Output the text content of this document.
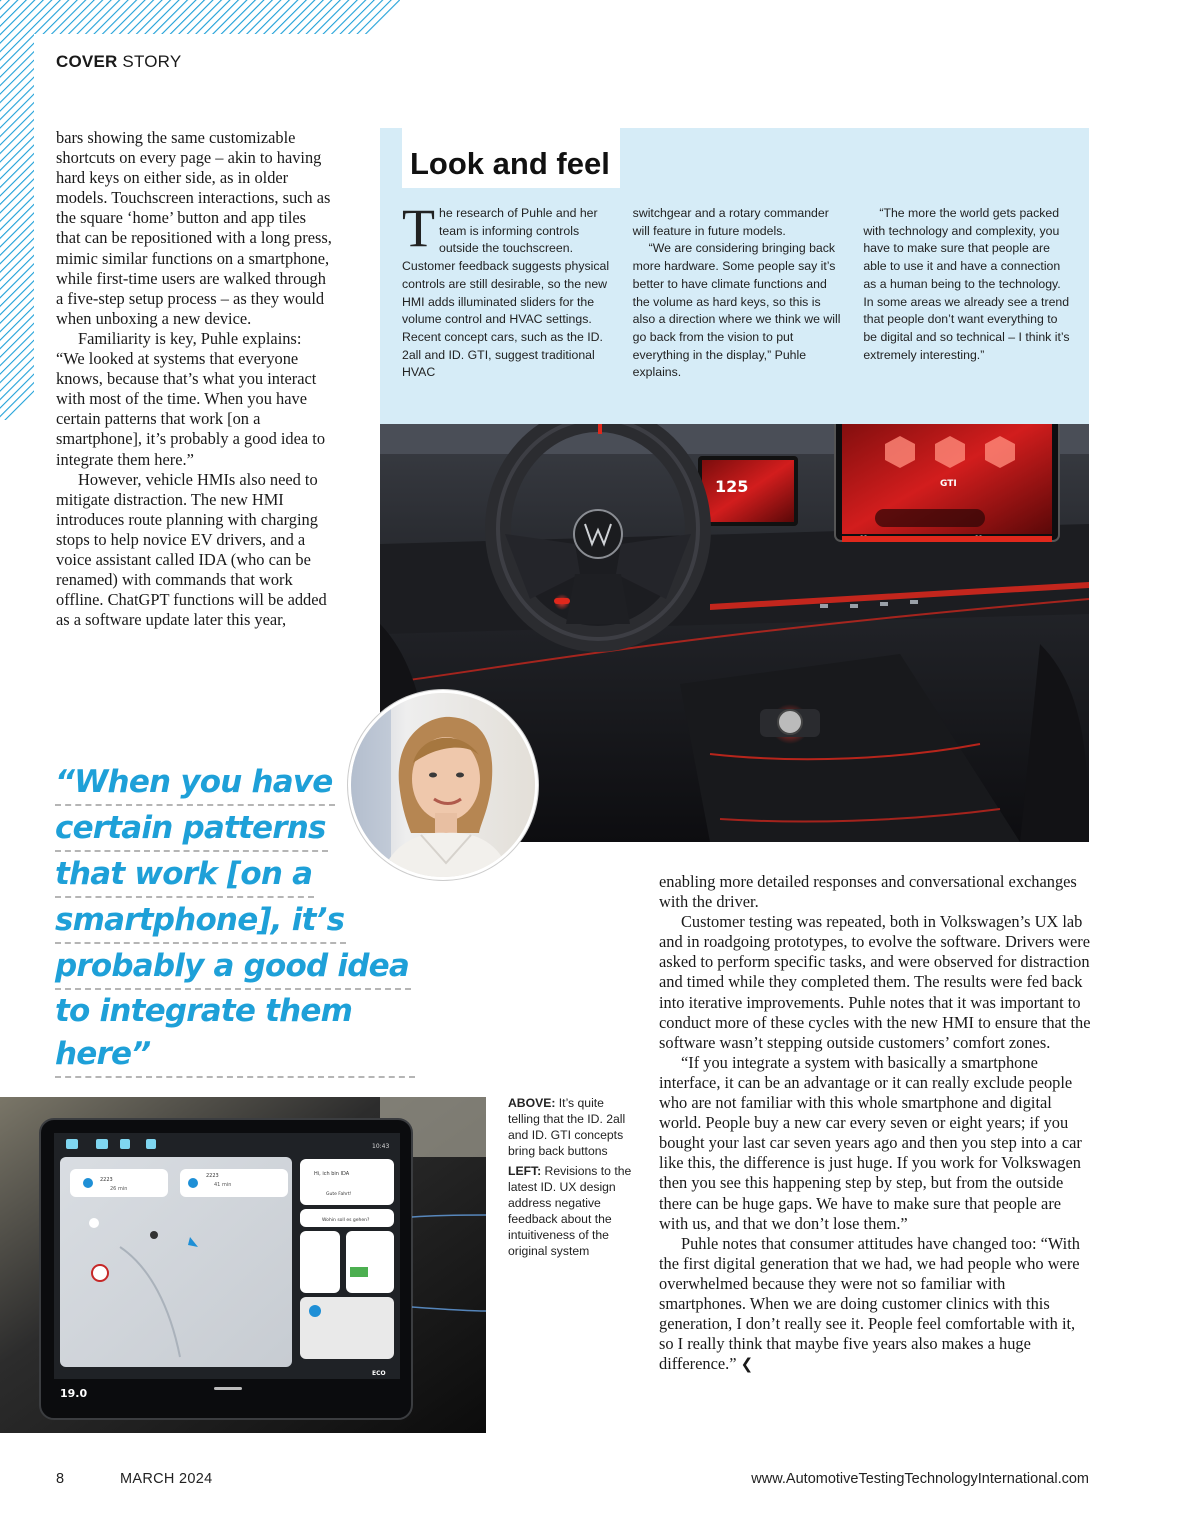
COVER STORY

bars showing the same customizable shortcuts on every page – akin to having hard keys on either side, as in older models. Touchscreen interactions, such as the square ‘home’ button and app tiles that can be repositioned with a long press, mimic similar functions on a smartphone, while first-time users are walked through a five-step setup process – as they would when unboxing a new device.

Familiarity is key, Puhle explains: “We looked at systems that everyone knows, because that’s what you interact with most of the time. When you have certain patterns that work [on a smartphone], it’s probably a good idea to integrate them here.”

However, vehicle HMIs also need to mitigate distraction. The new HMI introduces route planning with charging stops to help novice EV drivers, and a voice assistant called IDA (who can be renamed) with commands that work offline. ChatGPT functions will be added as a software update later this year,

Look and feel

The research of Puhle and her team is informing controls outside the touchscreen. Customer feedback suggests physical controls are still desirable, so the new HMI adds illuminated sliders for the volume control and HVAC settings. Recent concept cars, such as the ID. 2all and ID. GTI, suggest traditional HVAC

switchgear and a rotary commander will feature in future models.

“We are considering bringing back more hardware. Some people say it’s better to have climate functions and the volume as hard keys, so this is also a direction where we think we will go back from the vision to put everything in the display,” Puhle explains.

“The more the world gets packed with technology and complexity, you have to make sure that people are able to use it and have a connection as a human being to the technology. In some areas we already see a trend that people don’t want everything to be digital and so technical – I think it’s extremely interesting.”

125	GTI
“When you have
certain patterns
that work [on a
smartphone], it’s
probably a good idea
to integrate them here”

enabling more detailed responses and conversational exchanges with the driver.

Customer testing was repeated, both in Volkswagen’s UX lab and in roadgoing prototypes, to evolve the software. Drivers were asked to perform specific tasks, and were observed for distraction and timed while they completed them. The results were fed back into iterative improvements. Puhle notes that it was important to conduct more of these cycles with the new HMI to ensure that the software wasn’t stepping outside customers’ comfort zones.

“If you integrate a system with basically a smartphone interface, it can be an advantage or it can really exclude people who are not familiar with this whole smartphone and digital world. People buy a new car every seven or eight years; if you bought your last car seven years ago and then you step into a car like this, the difference is just huge. If you work for Volkswagen then you see this happening step by step, but from the outside there can be huge gaps. We have to make sure that people are with us, and that we don’t lose them.”

Puhle notes that consumer attitudes have changed too: “With the first digital generation that we had, we had people who were overwhelmed because they were not so familiar with smartphones. When we are doing customer clinics with this generation, I don’t really see it. People feel comfortable with it, so I really think that maybe five years also makes a huge difference.” ❮

10:43
2223
26 min
2223
41 min
Hi, ich bin IDA
Gute Fahrt!
Wohin soll es gehen?
19.0
ECO

ABOVE: It’s quite telling that the ID. 2all and ID. GTI concepts bring back buttons

LEFT: Revisions to the latest ID. UX design address negative feedback about the intuitiveness of the original system

8	MARCH 2024	www.AutomotiveTestingTechnologyInternational.com
